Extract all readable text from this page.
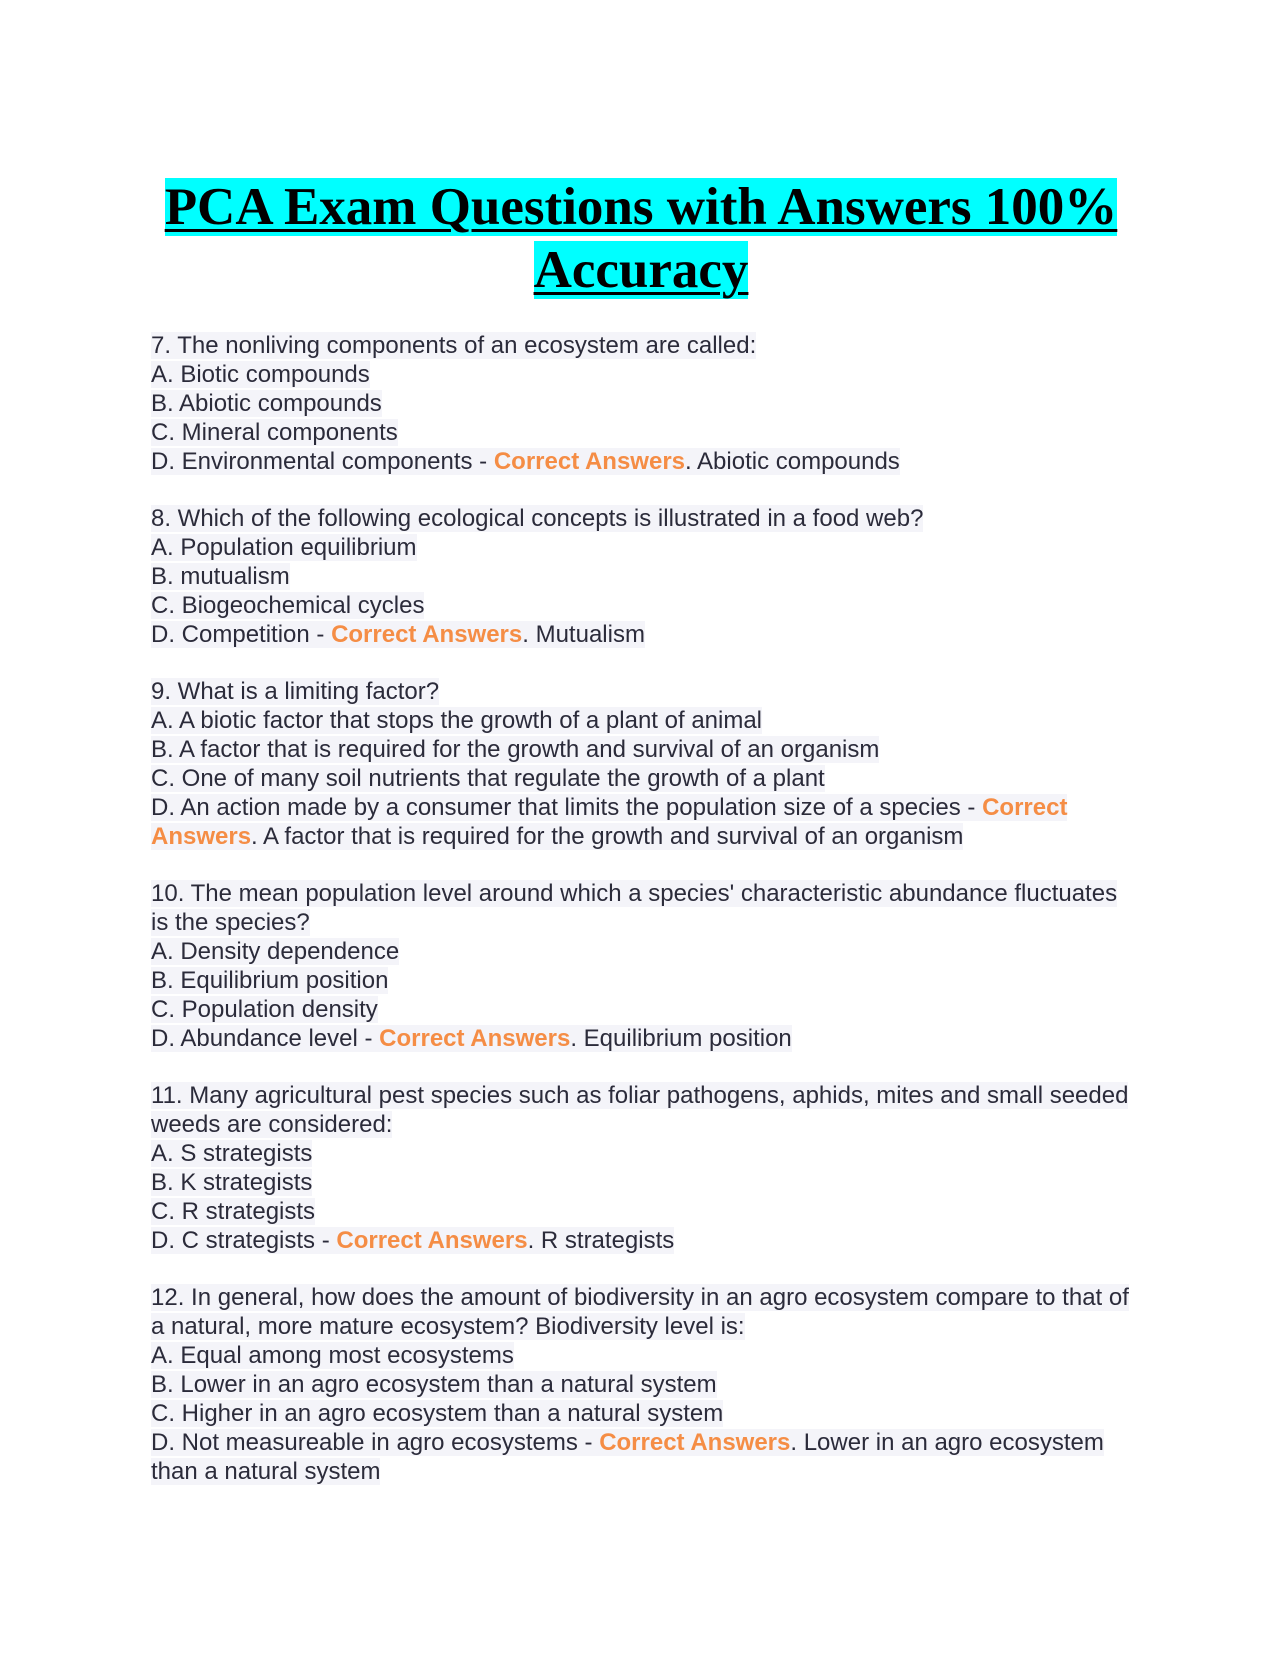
PCA Exam Questions with Answers 100% Accuracy
7. The nonliving components of an ecosystem are called:
A. Biotic compounds
B. Abiotic compounds
C. Mineral components
D. Environmental components - Correct Answers. Abiotic compounds
8. Which of the following ecological concepts is illustrated in a food web?
A. Population equilibrium
B. mutualism
C. Biogeochemical cycles
D. Competition - Correct Answers. Mutualism
9. What is a limiting factor?
A. A biotic factor that stops the growth of a plant of animal
B. A factor that is required for the growth and survival of an organism
C. One of many soil nutrients that regulate the growth of a plant
D. An action made by a consumer that limits the population size of a species - Correct Answers. A factor that is required for the growth and survival of an organism
10. The mean population level around which a species' characteristic abundance fluctuates is the species?
A. Density dependence
B. Equilibrium position
C. Population density
D. Abundance level - Correct Answers. Equilibrium position
11. Many agricultural pest species such as foliar pathogens, aphids, mites and small seeded weeds are considered:
A. S strategists
B. K strategists
C. R strategists
D. C strategists - Correct Answers. R strategists
12. In general, how does the amount of biodiversity in an agro ecosystem compare to that of a natural, more mature ecosystem? Biodiversity level is:
A. Equal among most ecosystems
B. Lower in an agro ecosystem than a natural system
C. Higher in an agro ecosystem than a natural system
D. Not measureable in agro ecosystems - Correct Answers. Lower in an agro ecosystem than a natural system
